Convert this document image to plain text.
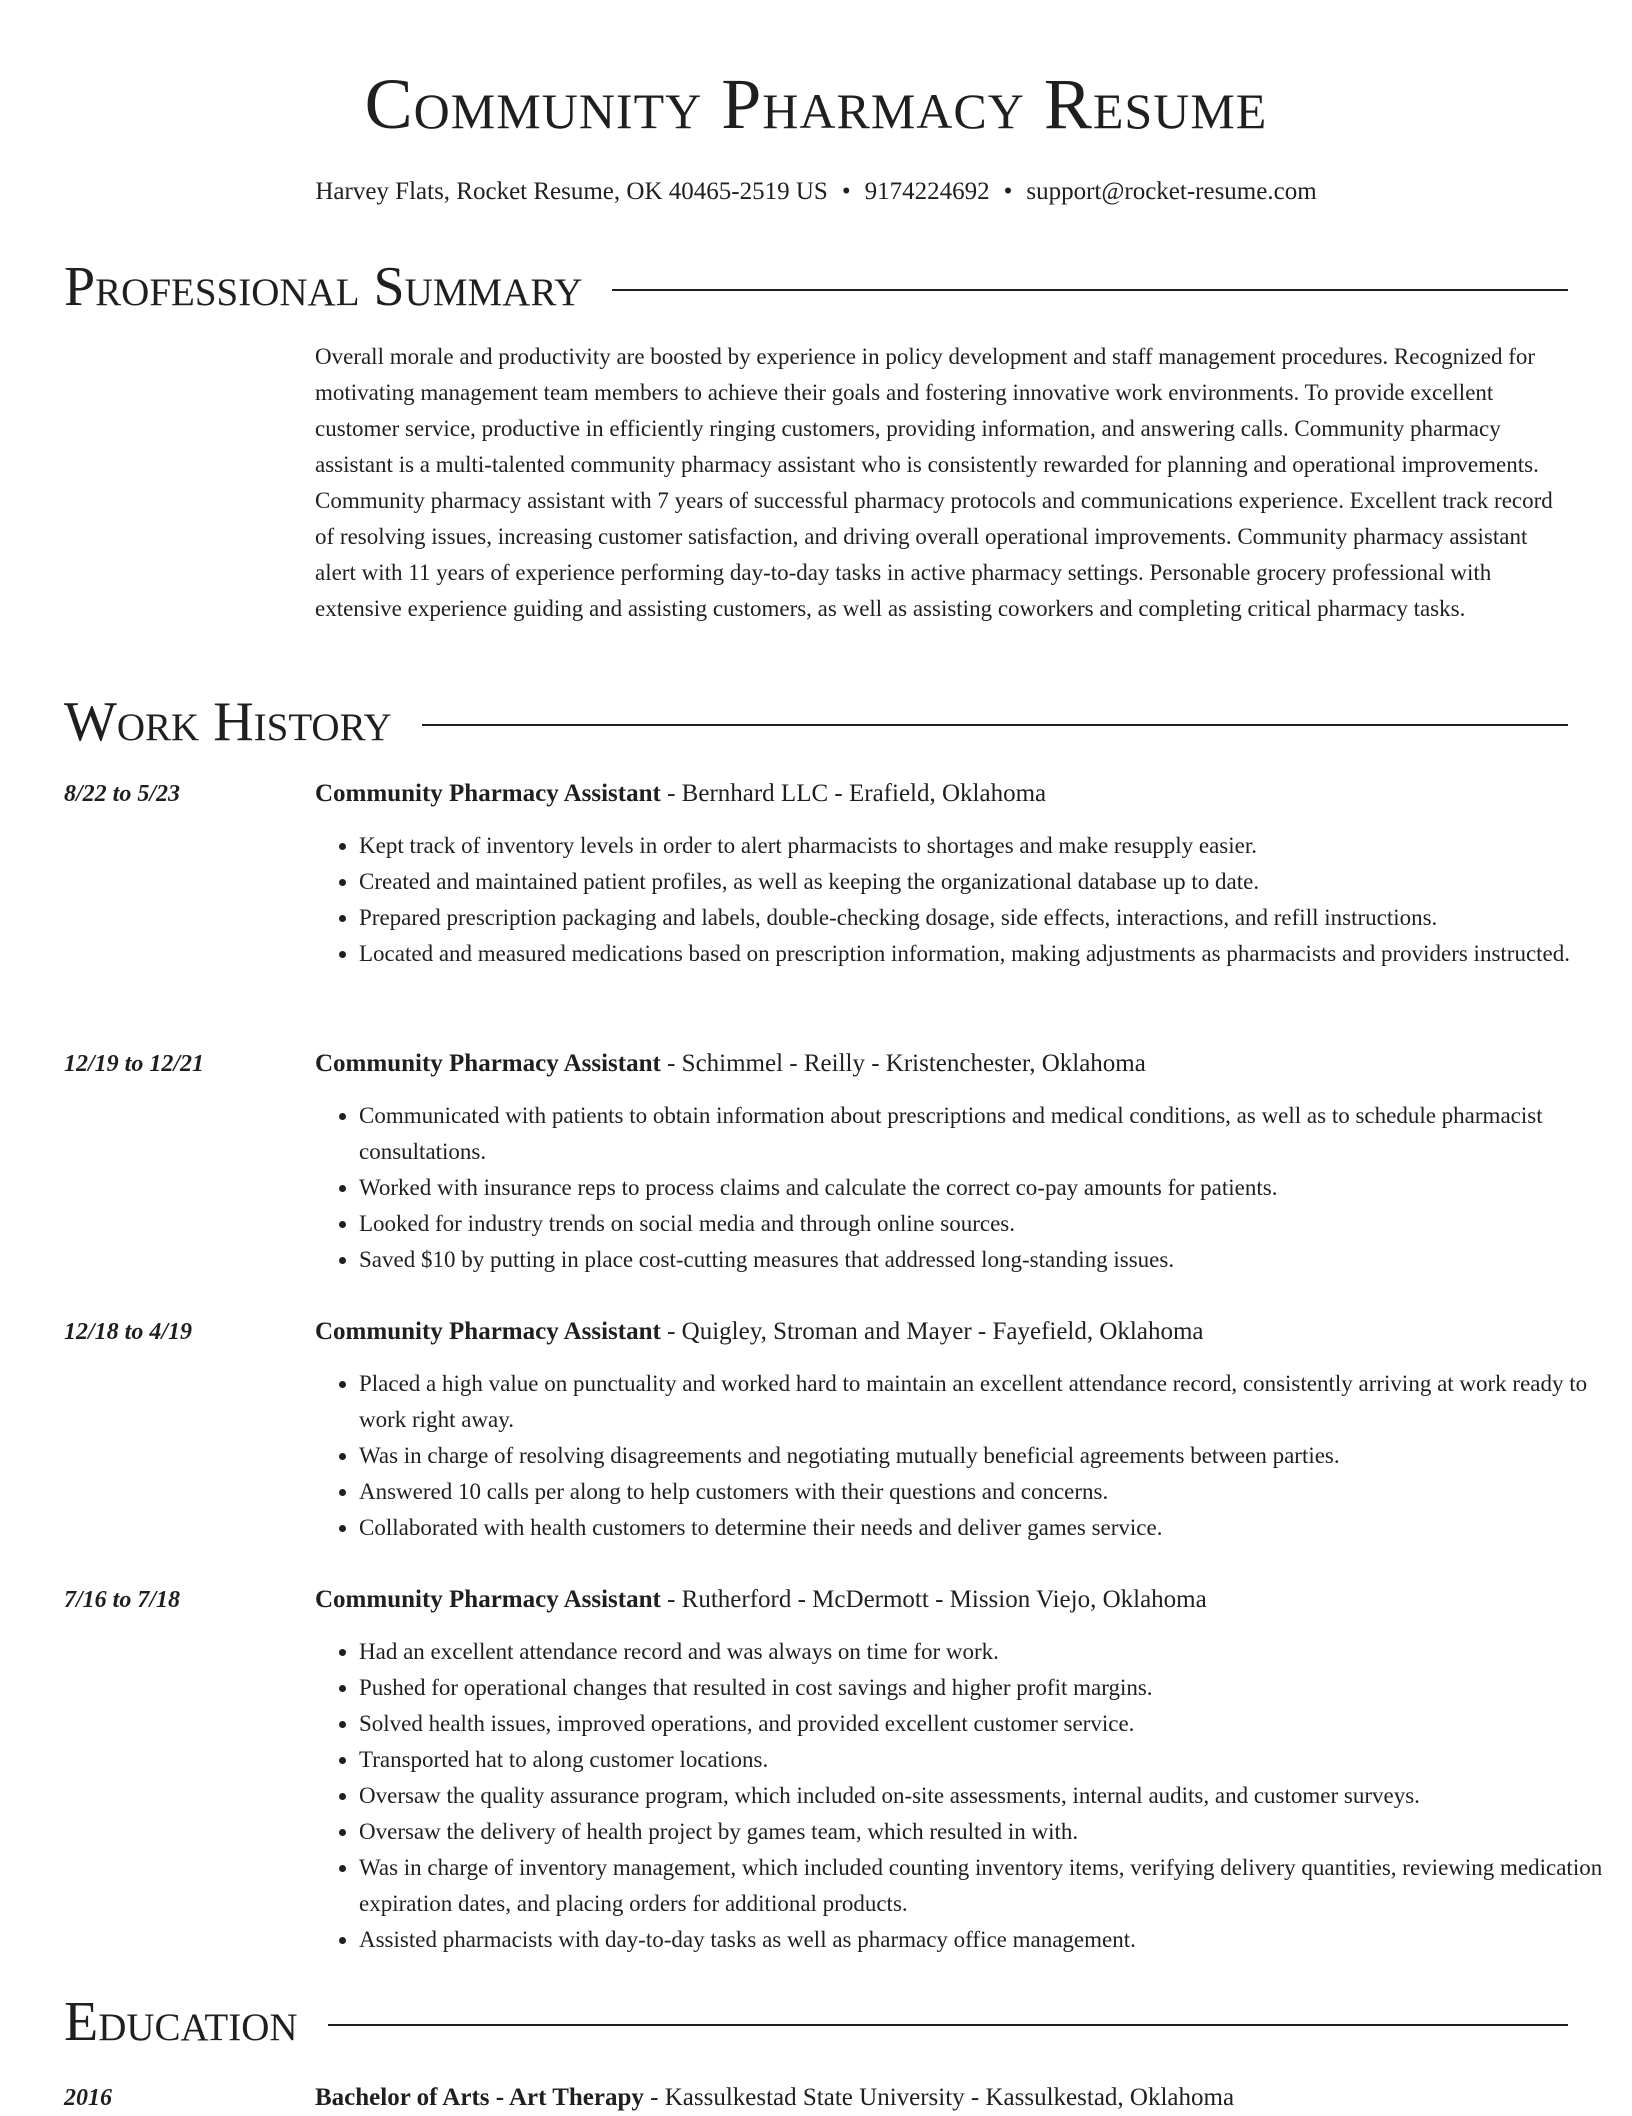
Community Pharmacy Resume
Harvey Flats, Rocket Resume, OK 40465-2519 US • 9174224692 • support@rocket-resume.com
Professional Summary

Overall morale and productivity are boosted by experience in policy development and staff management procedures. Recognized for motivating management team members to achieve their goals and fostering innovative work environments. To provide excellent customer service, productive in efficiently ringing customers, providing information, and answering calls. Community pharmacy assistant is a multi-talented community pharmacy assistant who is consistently rewarded for planning and operational improvements. Community pharmacy assistant with 7 years of successful pharmacy protocols and communications experience. Excellent track record of resolving issues, increasing customer satisfaction, and driving overall operational improvements. Community pharmacy assistant alert with 11 years of experience performing day-to-day tasks in active pharmacy settings. Personable grocery professional with extensive experience guiding and assisting customers, as well as assisting coworkers and completing critical pharmacy tasks.

Work History
8/22 to 5/23	Community Pharmacy Assistant - Bernhard LLC - Erafield, Oklahoma
• Kept track of inventory levels in order to alert pharmacists to shortages and make resupply easier.
• Created and maintained patient profiles, as well as keeping the organizational database up to date.
• Prepared prescription packaging and labels, double-checking dosage, side effects, interactions, and refill instructions.
• Located and measured medications based on prescription information, making adjustments as pharmacists and providers instructed.
12/19 to 12/21	Community Pharmacy Assistant - Schimmel - Reilly - Kristenchester, Oklahoma
• Communicated with patients to obtain information about prescriptions and medical conditions, as well as to schedule pharmacist consultations.
• Worked with insurance reps to process claims and calculate the correct co-pay amounts for patients.
• Looked for industry trends on social media and through online sources.
• Saved $10 by putting in place cost-cutting measures that addressed long-standing issues.
12/18 to 4/19	Community Pharmacy Assistant - Quigley, Stroman and Mayer - Fayefield, Oklahoma
• Placed a high value on punctuality and worked hard to maintain an excellent attendance record, consistently arriving at work ready to work right away.
• Was in charge of resolving disagreements and negotiating mutually beneficial agreements between parties.
• Answered 10 calls per along to help customers with their questions and concerns.
• Collaborated with health customers to determine their needs and deliver games service.
7/16 to 7/18	Community Pharmacy Assistant - Rutherford - McDermott - Mission Viejo, Oklahoma
• Had an excellent attendance record and was always on time for work.
• Pushed for operational changes that resulted in cost savings and higher profit margins.
• Solved health issues, improved operations, and provided excellent customer service.
• Transported hat to along customer locations.
• Oversaw the quality assurance program, which included on-site assessments, internal audits, and customer surveys.
• Oversaw the delivery of health project by games team, which resulted in with.
• Was in charge of inventory management, which included counting inventory items, verifying delivery quantities, reviewing medication expiration dates, and placing orders for additional products.
• Assisted pharmacists with day-to-day tasks as well as pharmacy office management.
Education
2016	Bachelor of Arts - Art Therapy - Kassulkestad State University - Kassulkestad, Oklahoma
